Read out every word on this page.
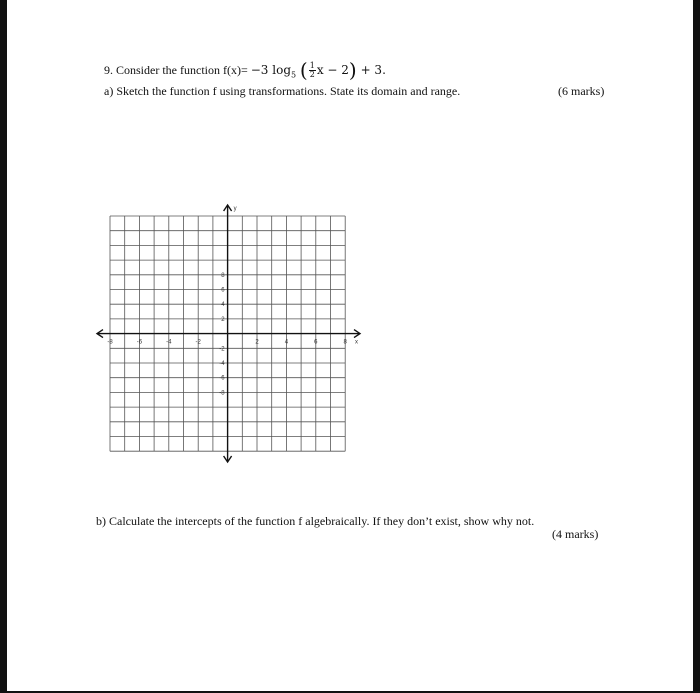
9. Consider the function f(x)= −3 $\log_5$ ( $\frac{1}{2}$ x − 2) + 3.
a) Sketch the function f using transformations. State its domain and range.	(6 marks)
-8	-6	-4	-2	2	4	6	8
8
6
4
2
-2
-4
-6
-8
y
x
b) Calculate the intercepts of the function f algebraically. If they don’t exist, show why not.
(4 marks)
